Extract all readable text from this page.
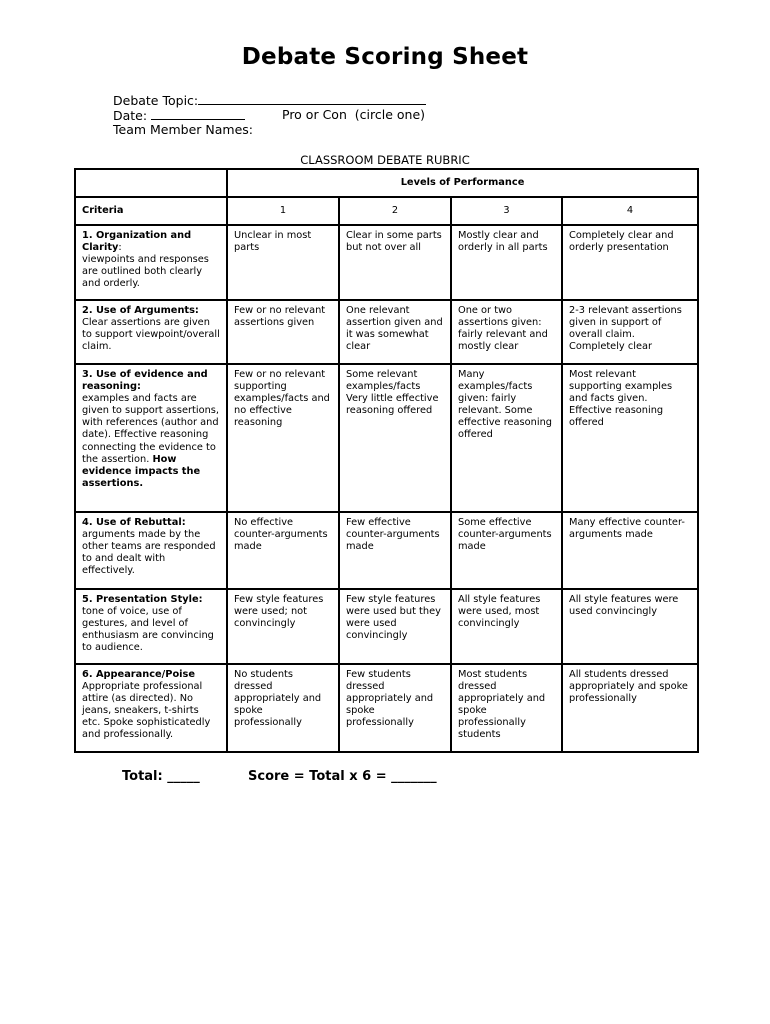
Debate Scoring Sheet
Debate Topic:
Date:	Pro or Con  (circle one)
Team Member Names:
CLASSROOM DEBATE RUBRIC
	Levels of Performance			
Criteria	1	2	3	4
1. Organization and Clarity:
viewpoints and responses are outlined both clearly and orderly.	Unclear in most parts	Clear in some parts but not over all	Mostly clear and orderly in all parts	Completely clear and orderly presentation
2. Use of Arguments:
Clear assertions are given to support viewpoint/overall claim.	Few or no relevant assertions given	One relevant assertion given and it was somewhat clear	One or two assertions given: fairly relevant and mostly clear	2-3 relevant assertions given in support of overall claim. Completely clear
3. Use of evidence and reasoning:
examples and facts are given to support assertions, with references (author and date). Effective reasoning connecting the evidence to the assertion. How evidence impacts the assertions.	Few or no relevant supporting examples/facts and no effective reasoning	Some relevant examples/facts Very little effective reasoning offered	Many examples/facts given: fairly relevant. Some effective reasoning offered	Most relevant supporting examples and facts given. Effective reasoning offered
4. Use of Rebuttal:
arguments made by the other teams are responded to and dealt with effectively.	No effective counter-arguments made	Few effective counter-arguments made	Some effective counter-arguments made	Many effective counter-arguments made
5. Presentation Style:
tone of voice, use of gestures, and level of enthusiasm are convincing to audience.	Few style features were used; not convincingly	Few style features were used but they were used convincingly	All style features were used, most convincingly	All style features were used convincingly
6. Appearance/Poise
Appropriate professional attire (as directed). No jeans, sneakers, t-shirts etc. Spoke sophisticatedly and professionally.	No students dressed appropriately and spoke professionally	Few students dressed appropriately and spoke professionally	Most students dressed appropriately and spoke professionally students	All students dressed appropriately and spoke professionally
Total: _____	Score = Total x 6 = _______
